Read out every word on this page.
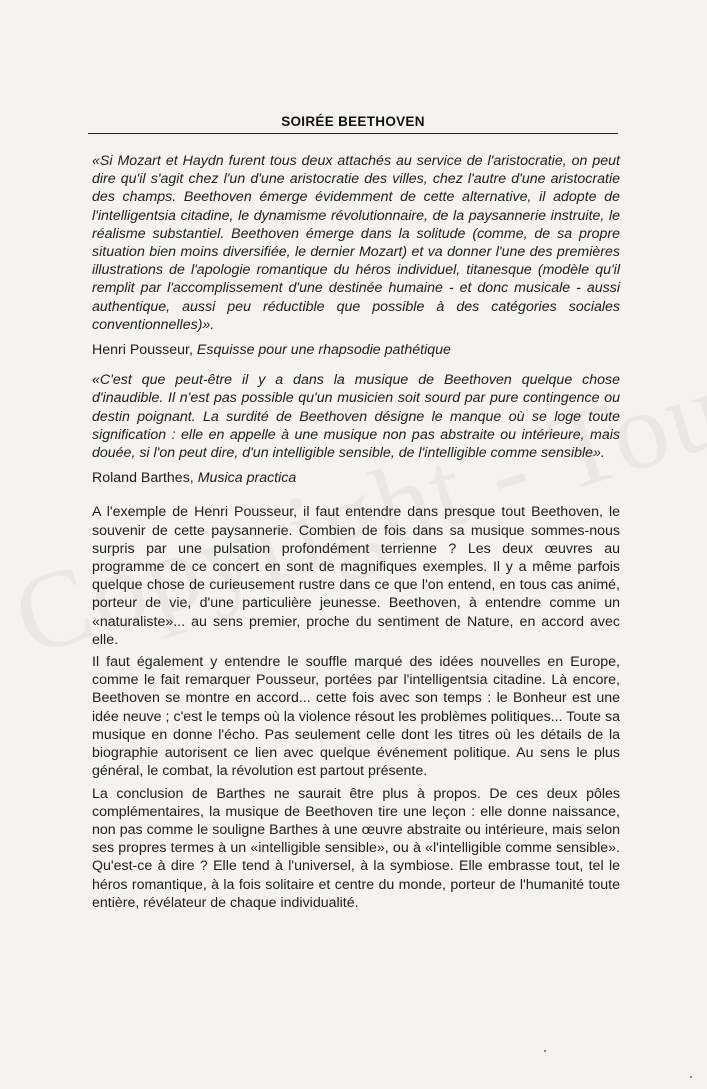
SOIRÉE BEETHOVEN

«Si Mozart et Haydn furent tous deux attachés au service de l'aristocratie, on peut dire qu'il s'agit chez l'un d'une aristocratie des villes, chez l'autre d'une aristocratie des champs. Beethoven émerge évidemment de cette alternative, il adopte de l'intelligentsia citadine, le dynamisme révolutionnaire, de la paysannerie instruite, le réalisme substantiel. Beethoven émerge dans la solitude (comme, de sa propre situation bien moins diversifiée, le dernier Mozart) et va donner l'une des premières illustrations de l'apologie romantique du héros individuel, titanesque (modèle qu'il remplit par l'accomplissement d'une destinée humaine - et donc musicale - aussi authentique, aussi peu réductible que possible à des catégories sociales conventionnelles)».

Henri Pousseur, Esquisse pour une rhapsodie pathétique

«C'est que peut-être il y a dans la musique de Beethoven quelque chose d'inaudible. Il n'est pas possible qu'un musicien soit sourd par pure contingence ou destin poignant. La surdité de Beethoven désigne le manque où se loge toute signification : elle en appelle à une musique non pas abstraite ou intérieure, mais douée, si l'on peut dire, d'un intelligible sensible, de l'intelligible comme sensible».

Roland Barthes, Musica practica

A l'exemple de Henri Pousseur, il faut entendre dans presque tout Beethoven, le souvenir de cette paysannerie. Combien de fois dans sa musique sommes-nous surpris par une pulsation profondément terrienne ? Les deux œuvres au programme de ce concert en sont de magnifiques exemples. Il y a même parfois quelque chose de curieusement rustre dans ce que l'on entend, en tous cas animé, porteur de vie, d'une particulière jeunesse. Beethoven, à entendre comme un «naturaliste»... au sens premier, proche du sentiment de Nature, en accord avec elle.

Il faut également y entendre le souffle marqué des idées nouvelles en Europe, comme le fait remarquer Pousseur, portées par l'intelligentsia citadine. Là encore, Beethoven se montre en accord... cette fois avec son temps : le Bonheur est une idée neuve ; c'est le temps où la violence résout les problèmes politiques... Toute sa musique en donne l'écho. Pas seulement celle dont les titres où les détails de la biographie autorisent ce lien avec quelque événement politique. Au sens le plus général, le combat, la révolution est partout présente.

La conclusion de Barthes ne saurait être plus à propos. De ces deux pôles complémentaires, la musique de Beethoven tire une leçon : elle donne naissance, non pas comme le souligne Barthes à une œuvre abstraite ou intérieure, mais selon ses propres termes à un «intelligible sensible», ou à «l'intelligible comme sensible». Qu'est-ce à dire ? Elle tend à l'universel, à la symbiose. Elle embrasse tout, tel le héros romantique, à la fois solitaire et centre du monde, porteur de l'humanité toute entière, révélateur de chaque individualité.
